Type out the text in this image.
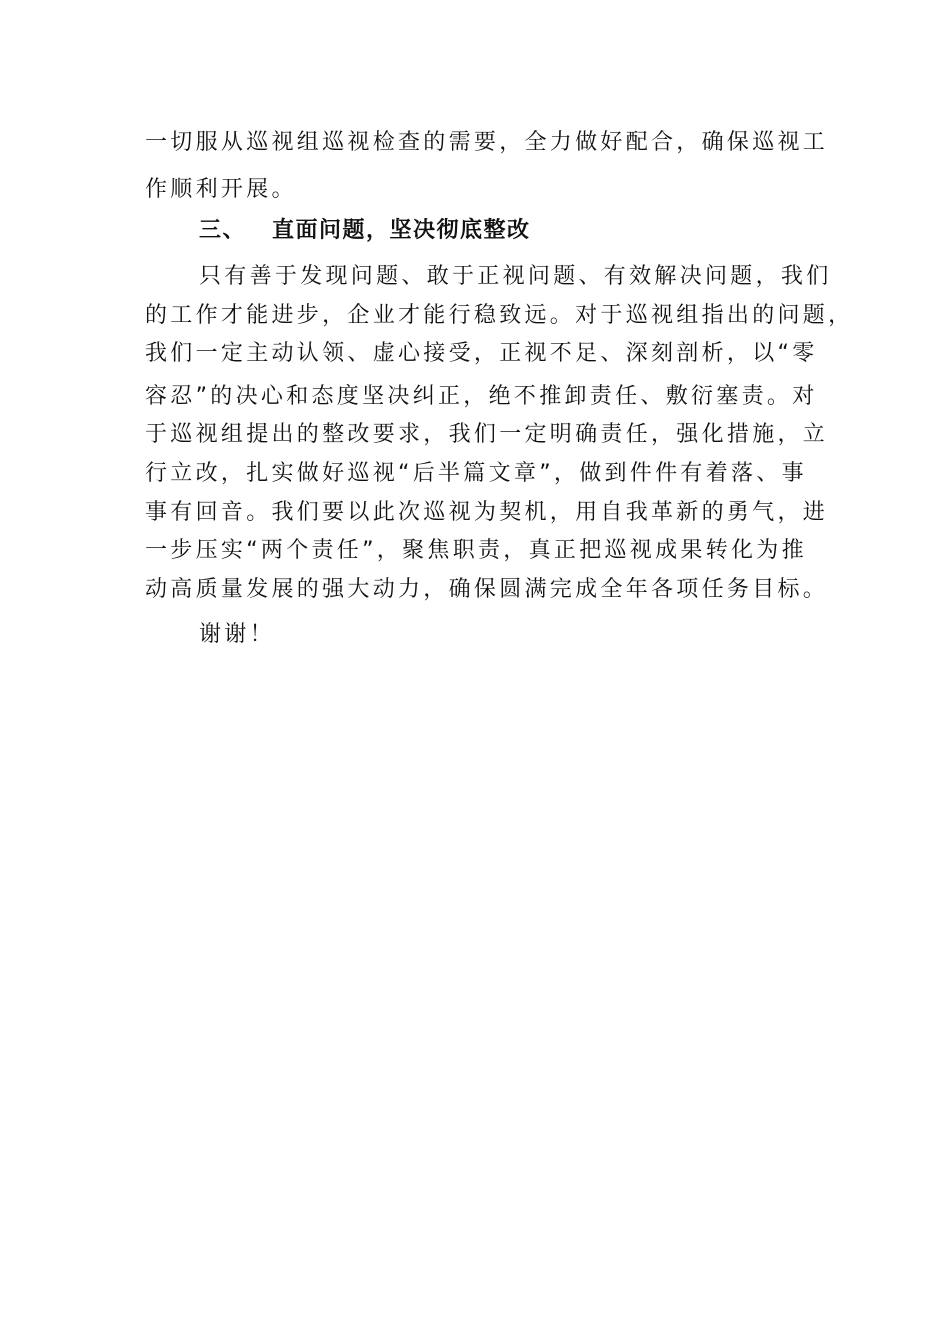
一切服从巡视组巡视检查的需要，全力做好配合，确保巡视工
作顺利开展。
三、 直面问题，坚决彻底整改
只有善于发现问题、敢于正视问题、有效解决问题，我们
的工作才能进步，企业才能行稳致远。对于巡视组指出的问题，
我们一定主动认领、虚心接受，正视不足、深刻剖析，以“零
容忍”的决心和态度坚决纠正，绝不推卸责任、敷衍塞责。对
于巡视组提出的整改要求，我们一定明确责任，强化措施，立
行立改，扎实做好巡视“后半篇文章”，做到件件有着落、事
事有回音。我们要以此次巡视为契机，用自我革新的勇气，进
一步压实“两个责任”，聚焦职责，真正把巡视成果转化为推
动高质量发展的强大动力，确保圆满完成全年各项任务目标。
谢谢！
